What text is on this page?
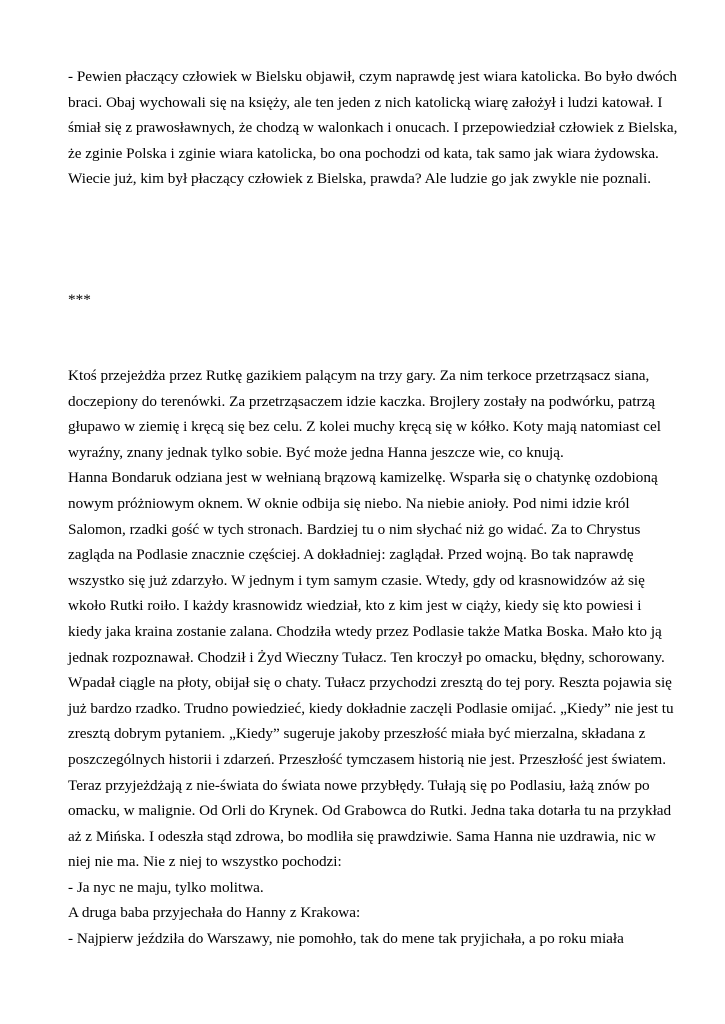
- Pewien płaczący człowiek w Bielsku objawił, czym naprawdę jest wiara katolicka. Bo było dwóch
braci. Obaj wychowali się na księży, ale ten jeden z nich katolicką wiarę założył i ludzi katował. I
śmiał się z prawosławnych, że chodzą w walonkach i onucach. I przepowiedział człowiek z Bielska,
że zginie Polska i zginie wiara katolicka, bo ona pochodzi od kata, tak samo jak wiara żydowska.
Wiecie już, kim był płaczący człowiek z Bielska, prawda? Ale ludzie go jak zwykle nie poznali.
***
Ktoś przejeżdża przez Rutkę gazikiem palącym na trzy gary. Za nim terkoce przetrząsacz siana,
doczepiony do terenówki. Za przetrząsaczem idzie kaczka. Brojlery zostały na podwórku, patrzą
głupawo w ziemię i kręcą się bez celu. Z kolei muchy kręcą się w kółko. Koty mają natomiast cel
wyraźny, znany jednak tylko sobie. Być może jedna Hanna jeszcze wie, co knują.
Hanna Bondaruk odziana jest w wełnianą brązową kamizelkę. Wsparła się o chatynkę ozdobioną
nowym próżniowym oknem. W oknie odbija się niebo. Na niebie anioły. Pod nimi idzie król
Salomon, rzadki gość w tych stronach. Bardziej tu o nim słychać niż go widać. Za to Chrystus
zagląda na Podlasie znacznie częściej. A dokładniej: zaglądał. Przed wojną. Bo tak naprawdę
wszystko się już zdarzyło. W jednym i tym samym czasie. Wtedy, gdy od krasnowidzów aż się
wkoło Rutki roiło. I każdy krasnowidz wiedział, kto z kim jest w ciąży, kiedy się kto powiesi i
kiedy jaka kraina zostanie zalana. Chodziła wtedy przez Podlasie także Matka Boska. Mało kto ją
jednak rozpoznawał. Chodził i Żyd Wieczny Tułacz. Ten kroczył po omacku, błędny, schorowany.
Wpadał ciągle na płoty, obijał się o chaty. Tułacz przychodzi zresztą do tej pory. Reszta pojawia się
już bardzo rzadko. Trudno powiedzieć, kiedy dokładnie zaczęli Podlasie omijać. „Kiedy” nie jest tu
zresztą dobrym pytaniem. „Kiedy” sugeruje jakoby przeszłość miała być mierzalna, składana z
poszczególnych historii i zdarzeń. Przeszłość tymczasem historią nie jest. Przeszłość jest światem.
Teraz przyjeżdżają z nie-świata do świata nowe przybłędy. Tułają się po Podlasiu, łażą znów po
omacku, w malignie. Od Orli do Krynek. Od Grabowca do Rutki. Jedna taka dotarła tu na przykład
aż z Mińska. I odeszła stąd zdrowa, bo modliła się prawdziwie. Sama Hanna nie uzdrawia, nic w
niej nie ma. Nie z niej to wszystko pochodzi:
- Ja nyc ne maju, tylko molitwa.
A druga baba przyjechała do Hanny z Krakowa:
- Najpierw jeździła do Warszawy, nie pomohło, tak do mene tak pryjichała, a po roku miała
